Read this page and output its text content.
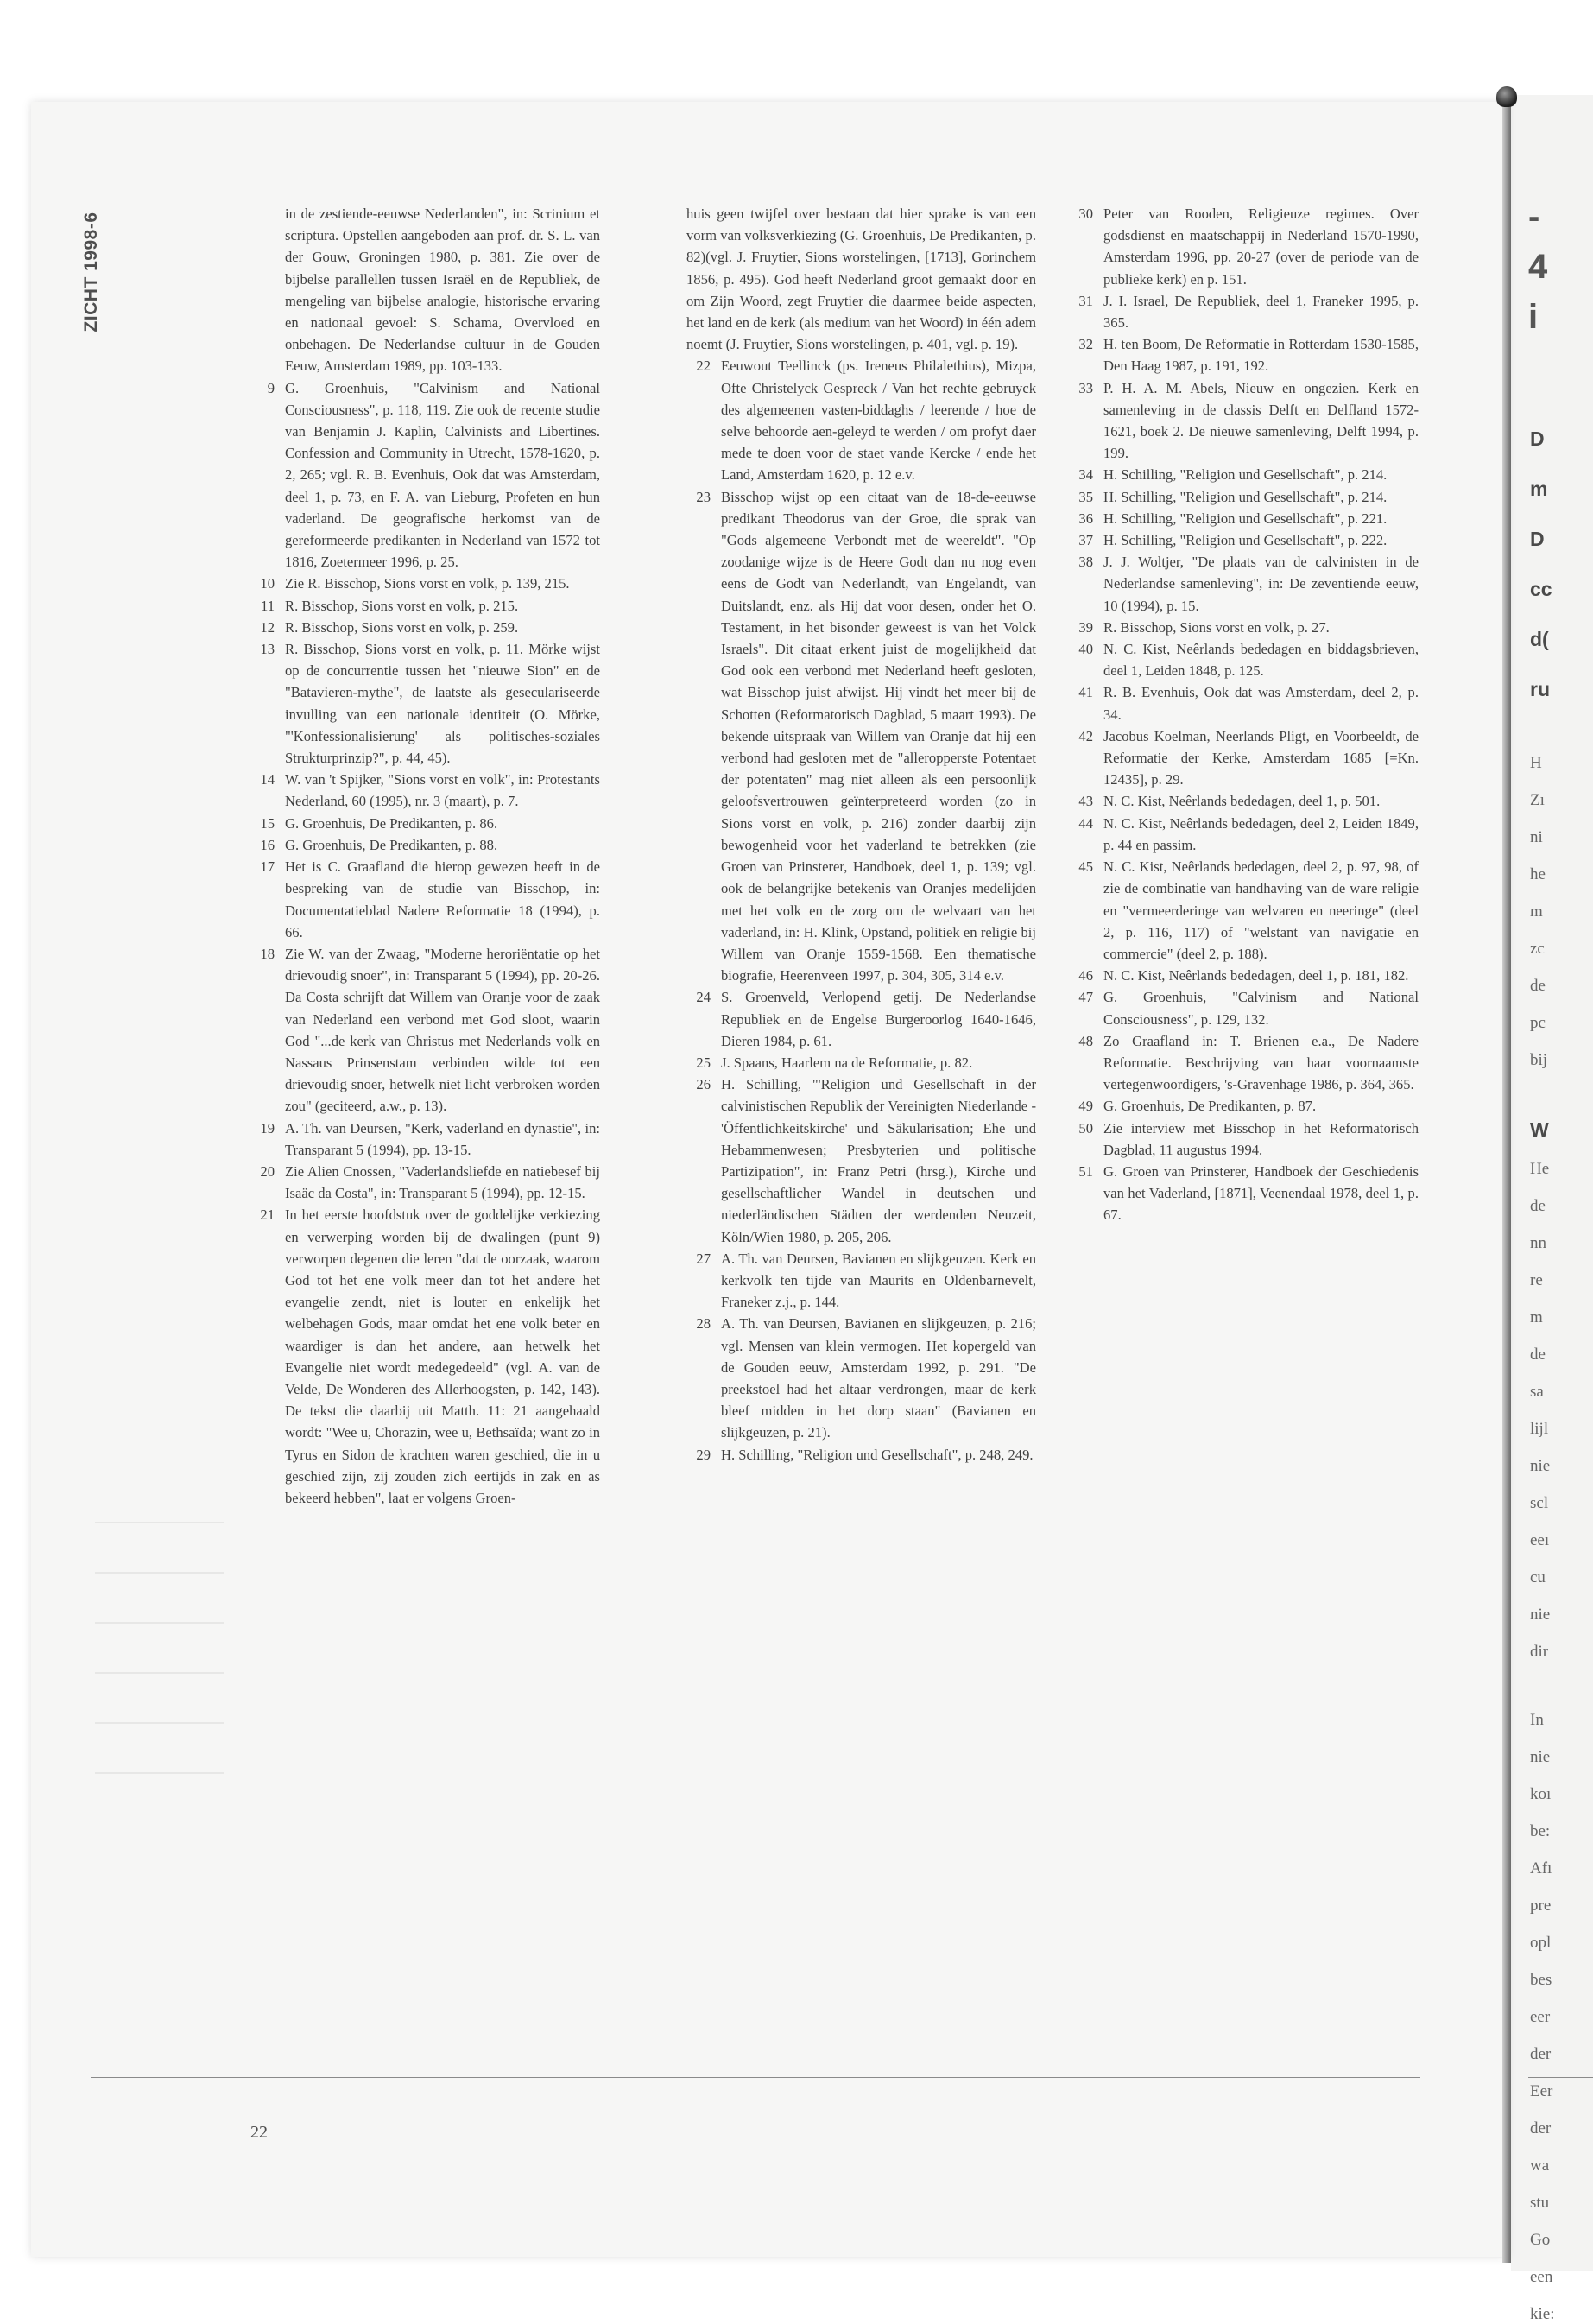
ZICHT 1998-6	in de zestiende-eeuwse Nederlanden", in: Scrinium et scriptura. Opstellen aangeboden aan prof. dr. S. L. van der Gouw, Groningen 1980, p. 381. Zie over de bijbelse parallellen tussen Israël en de Republiek, de mengeling van bijbelse analogie, historische ervaring en nationaal gevoel: S. Schama, Overvloed en onbehagen. De Nederlandse cultuur in de Gouden Eeuw, Amsterdam 1989, pp. 103-133.

9 G. Groenhuis, "Calvinism and National Consciousness", p. 118, 119. Zie ook de recente studie van Benjamin J. Kaplin, Calvinists and Libertines. Confession and Community in Utrecht, 1578-1620, p. 2, 265; vgl. R. B. Evenhuis, Ook dat was Amsterdam, deel 1, p. 73, en F. A. van Lieburg, Profeten en hun vaderland. De geografische herkomst van de gereformeerde predikanten in Nederland van 1572 tot 1816, Zoetermeer 1996, p. 25.

10 Zie R. Bisschop, Sions vorst en volk, p. 139, 215.

11 R. Bisschop, Sions vorst en volk, p. 215.

12 R. Bisschop, Sions vorst en volk, p. 259.

13 R. Bisschop, Sions vorst en volk, p. 11. Mörke wijst op de concurrentie tussen het "nieuwe Sion" en de "Batavieren-mythe", de laatste als geseculariseerde invulling van een nationale identiteit (O. Mörke, "'Konfessionalisierung' als politisches-soziales Strukturprinzip?", p. 44, 45).

14 W. van 't Spijker, "Sions vorst en volk", in: Protestants Nederland, 60 (1995), nr. 3 (maart), p. 7.

15 G. Groenhuis, De Predikanten, p. 86.

16 G. Groenhuis, De Predikanten, p. 88.

17 Het is C. Graafland die hierop gewezen heeft in de bespreking van de studie van Bisschop, in: Documentatieblad Nadere Reformatie 18 (1994), p. 66.

18 Zie W. van der Zwaag, "Moderne heroriëntatie op het drievoudig snoer", in: Transparant 5 (1994), pp. 20-26. Da Costa schrijft dat Willem van Oranje voor de zaak van Nederland een verbond met God sloot, waarin God "...de kerk van Christus met Nederlands volk en Nassaus Prinsenstam verbinden wilde tot een drievoudig snoer, hetwelk niet licht verbroken worden zou" (geciteerd, a.w., p. 13).

19 A. Th. van Deursen, "Kerk, vaderland en dynastie", in: Transparant 5 (1994), pp. 13-15.

20 Zie Alien Cnossen, "Vaderlandsliefde en natiebesef bij Isaäc da Costa", in: Transparant 5 (1994), pp. 12-15.

21 In het eerste hoofdstuk over de goddelijke verkiezing en verwerping worden bij de dwalingen (punt 9) verworpen degenen die leren "dat de oorzaak, waarom God tot het ene volk meer dan tot het andere het evangelie zendt, niet is louter en enkelijk het welbehagen Gods, maar omdat het ene volk beter en waardiger is dan het andere, aan hetwelk het Evangelie niet wordt medegedeeld" (vgl. A. van de Velde, De Wonderen des Allerhoogsten, p. 142, 143). De tekst die daarbij uit Matth. 11: 21 aangehaald wordt: "Wee u, Chorazin, wee u, Bethsaïda; want zo in Tyrus en Sidon de krachten waren geschied, die in u geschied zijn, zij zouden zich eertijds in zak en as bekeerd hebben", laat er volgens Groen-

huis geen twijfel over bestaan dat hier sprake is van een vorm van volksverkiezing (G. Groenhuis, De Predikanten, p. 82)(vgl. J. Fruytier, Sions worstelingen, [1713], Gorinchem 1856, p. 495). God heeft Nederland groot gemaakt door en om Zijn Woord, zegt Fruytier die daarmee beide aspecten, het land en de kerk (als medium van het Woord) in één adem noemt (J. Fruytier, Sions worstelingen, p. 401, vgl. p. 19).

22 Eeuwout Teellinck (ps. Ireneus Philalethius), Mizpa, Ofte Christelyck Gespreck / Van het rechte gebruyck des algemeenen vasten-biddaghs / leerende / hoe de selve behoorde aen-geleyd te werden / om profyt daer mede te doen voor de staet vande Kercke / ende het Land, Amsterdam 1620, p. 12 e.v.

23 Bisschop wijst op een citaat van de 18-de-eeuwse predikant Theodorus van der Groe, die sprak van "Gods algemeene Verbondt met de weereldt". "Op zoodanige wijze is de Heere Godt dan nu nog even eens de Godt van Nederlandt, van Engelandt, van Duitslandt, enz. als Hij dat voor desen, onder het O. Testament, in het bisonder geweest is van het Volck Israels". Dit citaat erkent juist de mogelijkheid dat God ook een verbond met Nederland heeft gesloten, wat Bisschop juist afwijst. Hij vindt het meer bij de Schotten (Reformatorisch Dagblad, 5 maart 1993). De bekende uitspraak van Willem van Oranje dat hij een verbond had gesloten met de "alleropperste Potentaet der potentaten" mag niet alleen als een persoonlijk geloofsvertrouwen geïnterpreteerd worden (zo in Sions vorst en volk, p. 216) zonder daarbij zijn bewogenheid voor het vaderland te betrekken (zie Groen van Prinsterer, Handboek, deel 1, p. 139; vgl. ook de belangrijke betekenis van Oranjes medelijden met het volk en de zorg om de welvaart van het vaderland, in: H. Klink, Opstand, politiek en religie bij Willem van Oranje 1559-1568. Een thematische biografie, Heerenveen 1997, p. 304, 305, 314 e.v.

24 S. Groenveld, Verlopend getij. De Nederlandse Republiek en de Engelse Burgeroorlog 1640-1646, Dieren 1984, p. 61.

25 J. Spaans, Haarlem na de Reformatie, p. 82.

26 H. Schilling, "'Religion und Gesellschaft in der calvinistischen Republik der Vereinigten Niederlande - 'Öffentlichkeitskirche' und Säkularisation; Ehe und Hebammenwesen; Presbyterien und politische Partizipation", in: Franz Petri (hrsg.), Kirche und gesellschaftlicher Wandel in deutschen und niederländischen Städten der werdenden Neuzeit, Köln/Wien 1980, p. 205, 206.

27 A. Th. van Deursen, Bavianen en slijkgeuzen. Kerk en kerkvolk ten tijde van Maurits en Oldenbarnevelt, Franeker z.j., p. 144.

28 A. Th. van Deursen, Bavianen en slijkgeuzen, p. 216; vgl. Mensen van klein vermogen. Het kopergeld van de Gouden eeuw, Amsterdam 1992, p. 291. "De preekstoel had het altaar verdrongen, maar de kerk bleef midden in het dorp staan" (Bavianen en slijkgeuzen, p. 21).

29 H. Schilling, "Religion und Gesellschaft", p. 248, 249.

30 Peter van Rooden, Religieuze regimes. Over godsdienst en maatschappij in Nederland 1570-1990, Amsterdam 1996, pp. 20-27 (over de periode van de publieke kerk) en p. 151.

31 J. I. Israel, De Republiek, deel 1, Franeker 1995, p. 365.

32 H. ten Boom, De Reformatie in Rotterdam 1530-1585, Den Haag 1987, p. 191, 192.

33 P. H. A. M. Abels, Nieuw en ongezien. Kerk en samenleving in de classis Delft en Delfland 1572-1621, boek 2. De nieuwe samenleving, Delft 1994, p. 199.

34 H. Schilling, "Religion und Gesellschaft", p. 214.

35 H. Schilling, "Religion und Gesellschaft", p. 214.

36 H. Schilling, "Religion und Gesellschaft", p. 221.

37 H. Schilling, "Religion und Gesellschaft", p. 222.

38 J. J. Woltjer, "De plaats van de calvinisten in de Nederlandse samenleving", in: De zeventiende eeuw, 10 (1994), p. 15.

39 R. Bisschop, Sions vorst en volk, p. 27.

40 N. C. Kist, Neêrlands bededagen en biddagsbrieven, deel 1, Leiden 1848, p. 125.

41 R. B. Evenhuis, Ook dat was Amsterdam, deel 2, p. 34.

42 Jacobus Koelman, Neerlands Pligt, en Voorbeeldt, de Reformatie der Kerke, Amsterdam 1685 [=Kn. 12435], p. 29.

43 N. C. Kist, Neêrlands bededagen, deel 1, p. 501.

44 N. C. Kist, Neêrlands bededagen, deel 2, Leiden 1849, p. 44 en passim.

45 N. C. Kist, Neêrlands bededagen, deel 2, p. 97, 98, of zie de combinatie van handhaving van de ware religie en "vermeerderinge van welvaren en neeringe" (deel 2, p. 116, 117) of "welstant van navigatie en commercie" (deel 2, p. 188).

46 N. C. Kist, Neêrlands bededagen, deel 1, p. 181, 182.

47 G. Groenhuis, "Calvinism and National Consciousness", p. 129, 132.

48 Zo Graafland in: T. Brienen e.a., De Nadere Reformatie. Beschrijving van haar voornaamste vertegenwoordigers, 's-Gravenhage 1986, p. 364, 365.

49 G. Groenhuis, De Predikanten, p. 87.

50 Zie interview met Bisschop in het Reformatorisch Dagblad, 11 augustus 1994.

51 G. Groen van Prinsterer, Handboek der Geschiedenis van het Vaderland, [1871], Veenendaal 1978, deel 1, p. 67.

22
-
4
i
D
m
D
cc
d(
ru
H
Zı
ni
he
m
zc
de
pc
bij
W
He
de
nn
re
m
de
sa
lijl
nie
scl
eeı
cu
nie
dir
In
nie
koı
be:
Afı
pre
opl
bes
eer
der
Eer
der
wa
stu
Go
een
kie:
